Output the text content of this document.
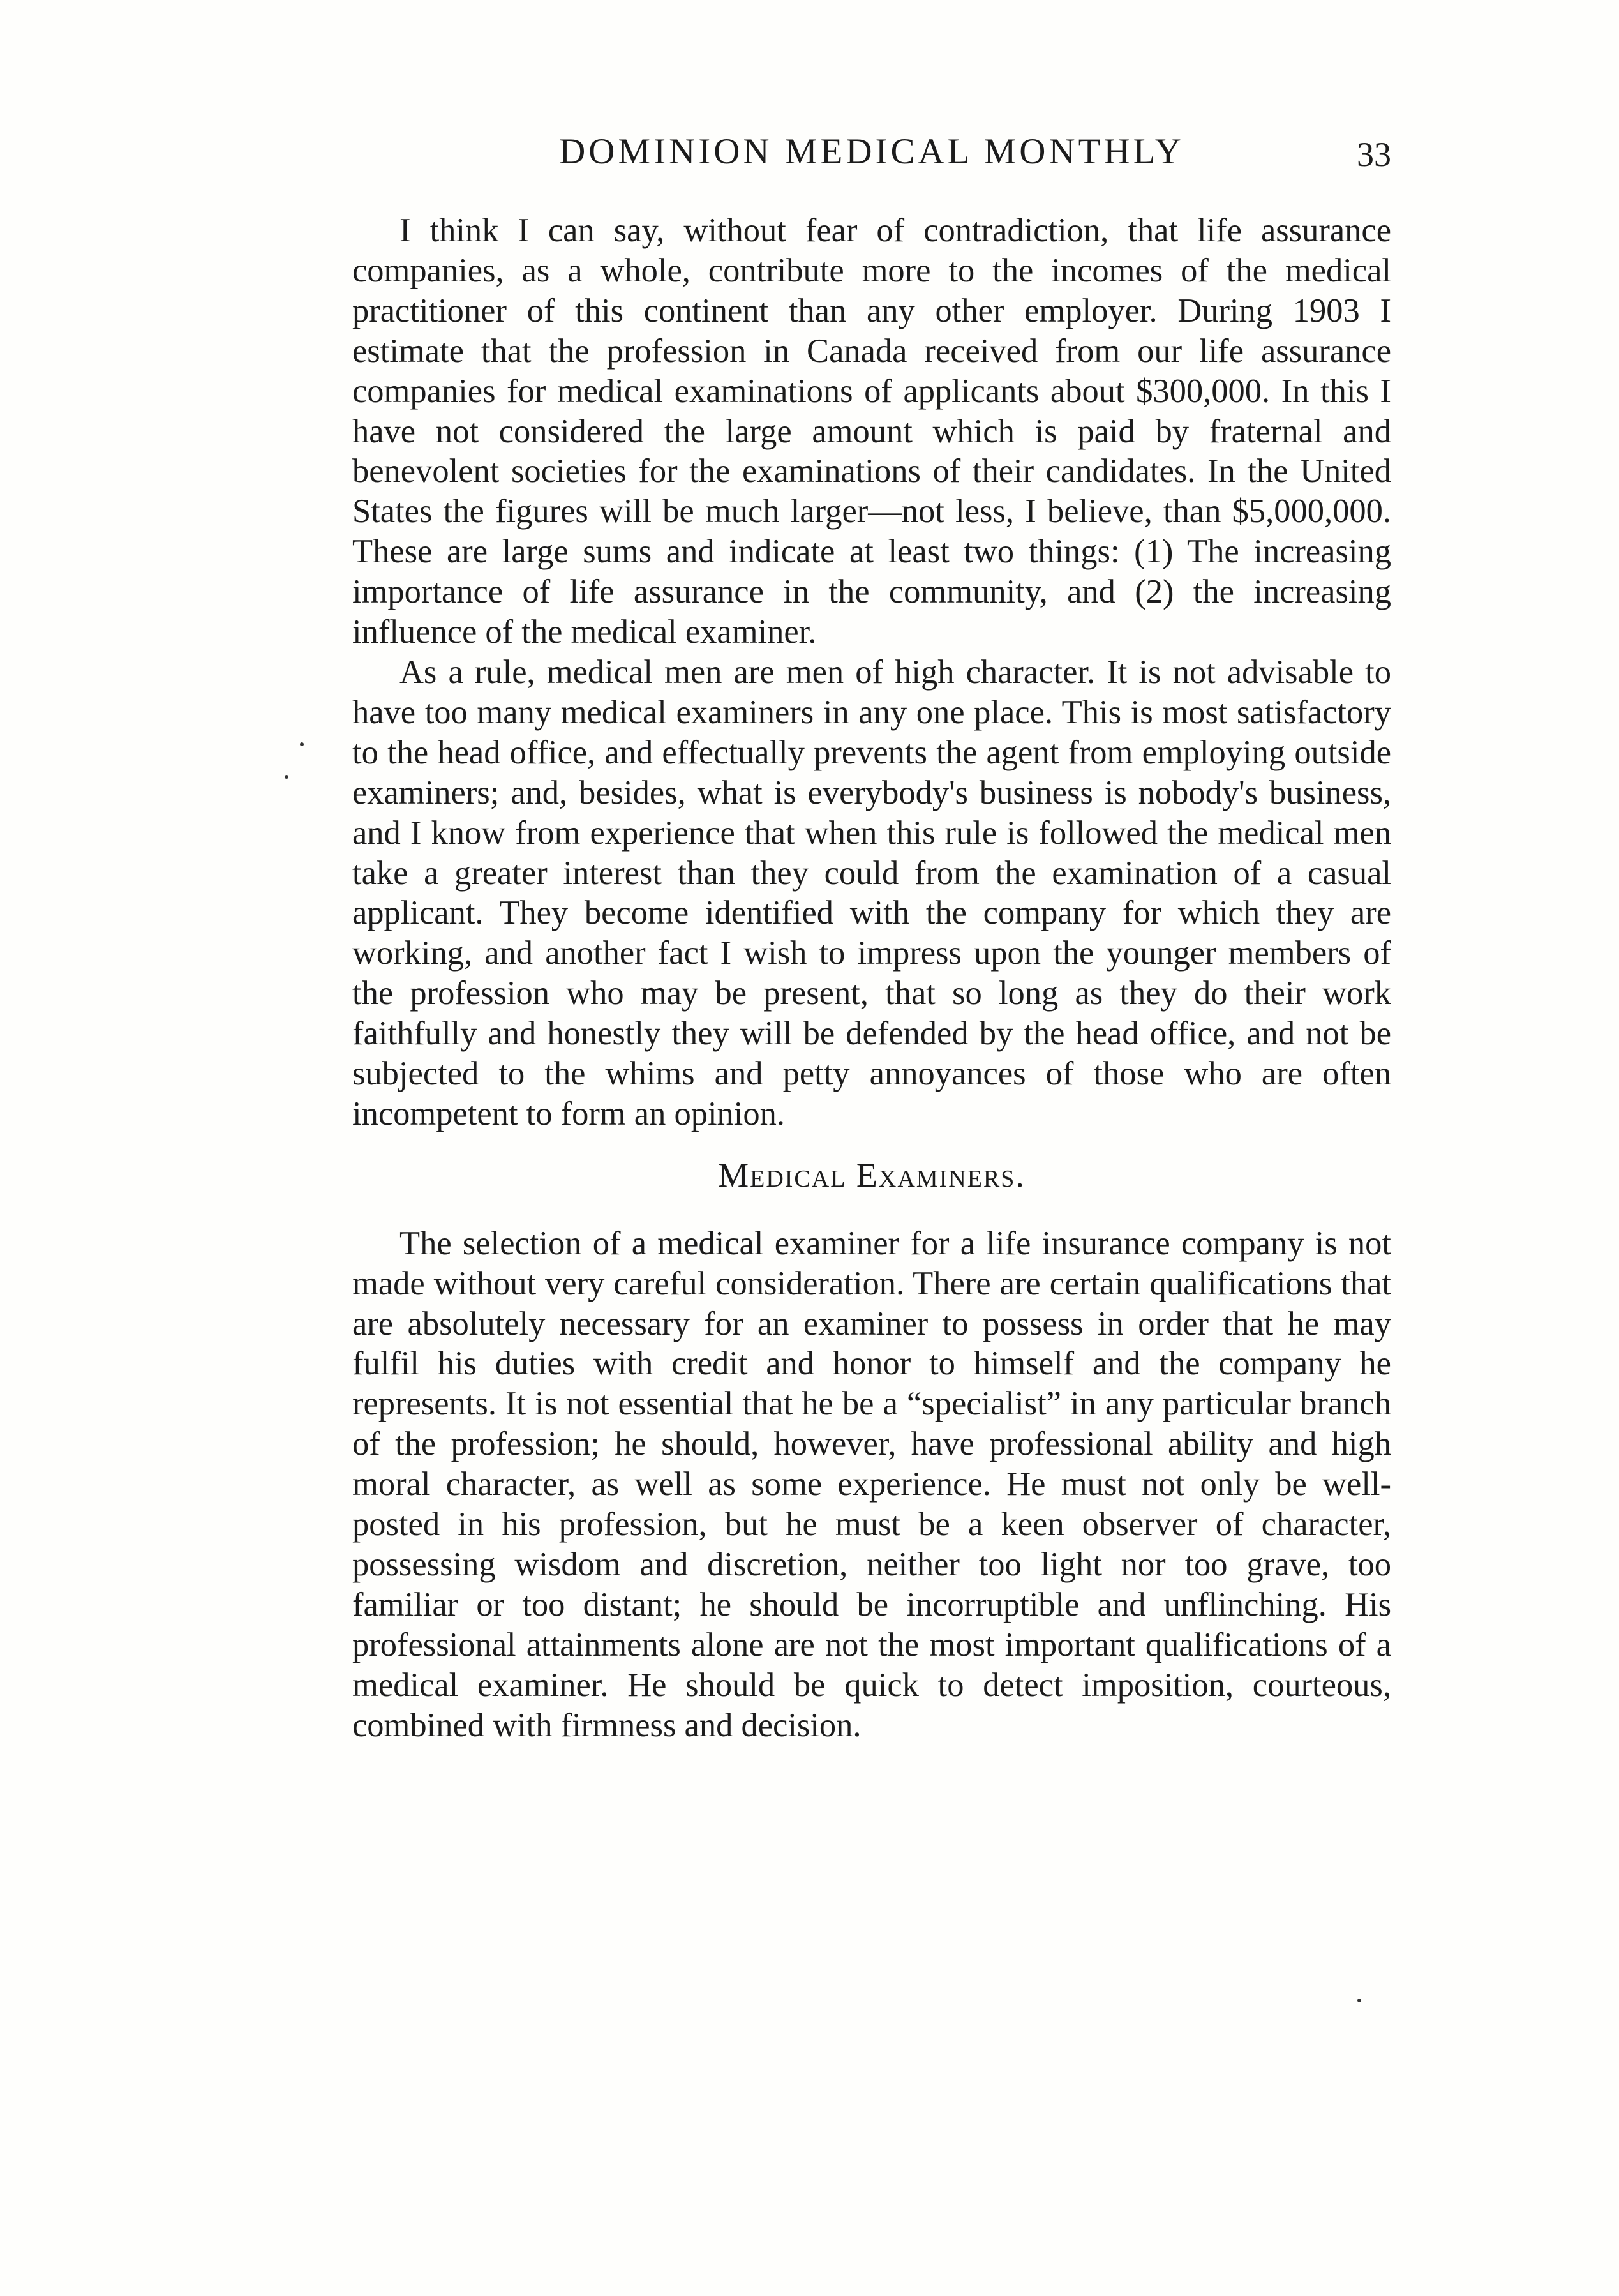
DOMINION MEDICAL MONTHLY	33

I think I can say, without fear of contradiction, that life assurance companies, as a whole, contribute more to the incomes of the medical practitioner of this continent than any other employer. During 1903 I estimate that the profession in Canada received from our life assurance companies for medical examinations of applicants about $300,000. In this I have not considered the large amount which is paid by fraternal and benevolent societies for the examinations of their candidates. In the United States the figures will be much larger—not less, I believe, than $5,000,000. These are large sums and indicate at least two things: (1) The increasing importance of life assurance in the community, and (2) the increasing influence of the medical examiner.

As a rule, medical men are men of high character. It is not advisable to have too many medical examiners in any one place. This is most satisfactory to the head office, and effectually prevents the agent from employing outside examiners; and, besides, what is everybody's business is nobody's business, and I know from experience that when this rule is followed the medical men take a greater interest than they could from the examination of a casual applicant. They become identified with the company for which they are working, and another fact I wish to impress upon the younger members of the profession who may be present, that so long as they do their work faithfully and honestly they will be defended by the head office, and not be subjected to the whims and petty annoyances of those who are often incompetent to form an opinion.

Medical Examiners.

The selection of a medical examiner for a life insurance company is not made without very careful consideration. There are certain qualifications that are absolutely necessary for an examiner to possess in order that he may fulfil his duties with credit and honor to himself and the company he represents. It is not essential that he be a “specialist” in any particular branch of the profession; he should, however, have professional ability and high moral character, as well as some experience. He must not only be well-posted in his profession, but he must be a keen observer of character, possessing wisdom and discretion, neither too light nor too grave, too familiar or too distant; he should be incorruptible and unflinching. His professional attainments alone are not the most important qualifications of a medical examiner. He should be quick to detect imposition, courteous, combined with firmness and decision.
